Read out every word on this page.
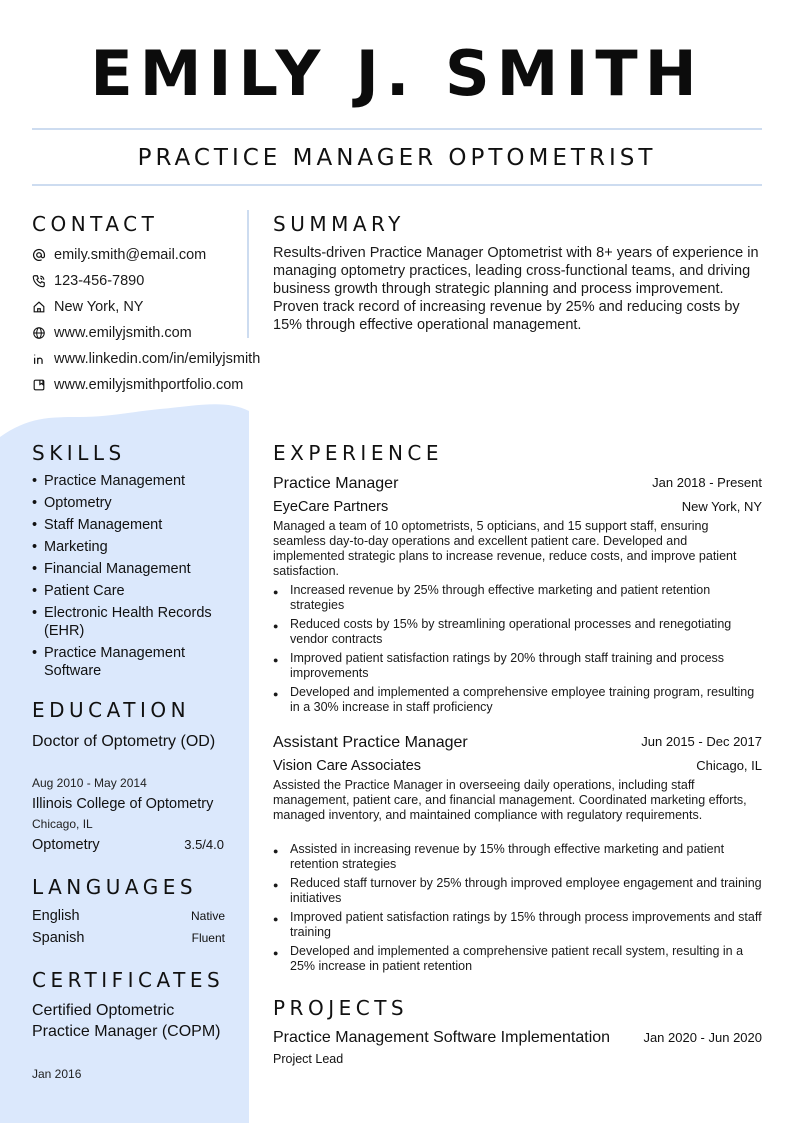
EMILY J. SMITH
PRACTICE MANAGER OPTOMETRIST
CONTACT
emily.smith@email.com
123-456-7890
New York, NY
www.emilyjsmith.com
www.linkedin.com/in/emilyjsmith
www.emilyjsmithportfolio.com
SUMMARY
Results-driven Practice Manager Optometrist with 8+ years of experience in managing optometry practices, leading cross-functional teams, and driving business growth through strategic planning and process improvement. Proven track record of increasing revenue by 25% and reducing costs by 15% through effective operational management.
SKILLS
• Practice Management
• Optometry
• Staff Management
• Marketing
• Financial Management
• Patient Care
• Electronic Health Records (EHR)
• Practice Management Software
EDUCATION
Doctor of Optometry (OD)
Aug 2010 - May 2014
Illinois College of Optometry
Chicago, IL
Optometry	3.5/4.0
LANGUAGES
English	Native
Spanish	Fluent
CERTIFICATES
Certified Optometric Practice Manager (COPM)
Jan 2016
EXPERIENCE
Practice Manager	Jan 2018 - Present
EyeCare Partners	New York, NY
Managed a team of 10 optometrists, 5 opticians, and 15 support staff, ensuring seamless day-to-day operations and excellent patient care. Developed and implemented strategic plans to increase revenue, reduce costs, and improve patient satisfaction.
● Increased revenue by 25% through effective marketing and patient retention strategies
● Reduced costs by 15% by streamlining operational processes and renegotiating vendor contracts
● Improved patient satisfaction ratings by 20% through staff training and process improvements
● Developed and implemented a comprehensive employee training program, resulting in a 30% increase in staff proficiency
Assistant Practice Manager	Jun 2015 - Dec 2017
Vision Care Associates	Chicago, IL
Assisted the Practice Manager in overseeing daily operations, including staff management, patient care, and financial management. Coordinated marketing efforts, managed inventory, and maintained compliance with regulatory requirements.
● Assisted in increasing revenue by 15% through effective marketing and patient retention strategies
● Reduced staff turnover by 25% through improved employee engagement and training initiatives
● Improved patient satisfaction ratings by 15% through process improvements and staff training
● Developed and implemented a comprehensive patient recall system, resulting in a 25% increase in patient retention
PROJECTS
Practice Management Software Implementation	Jan 2020 - Jun 2020
Project Lead
